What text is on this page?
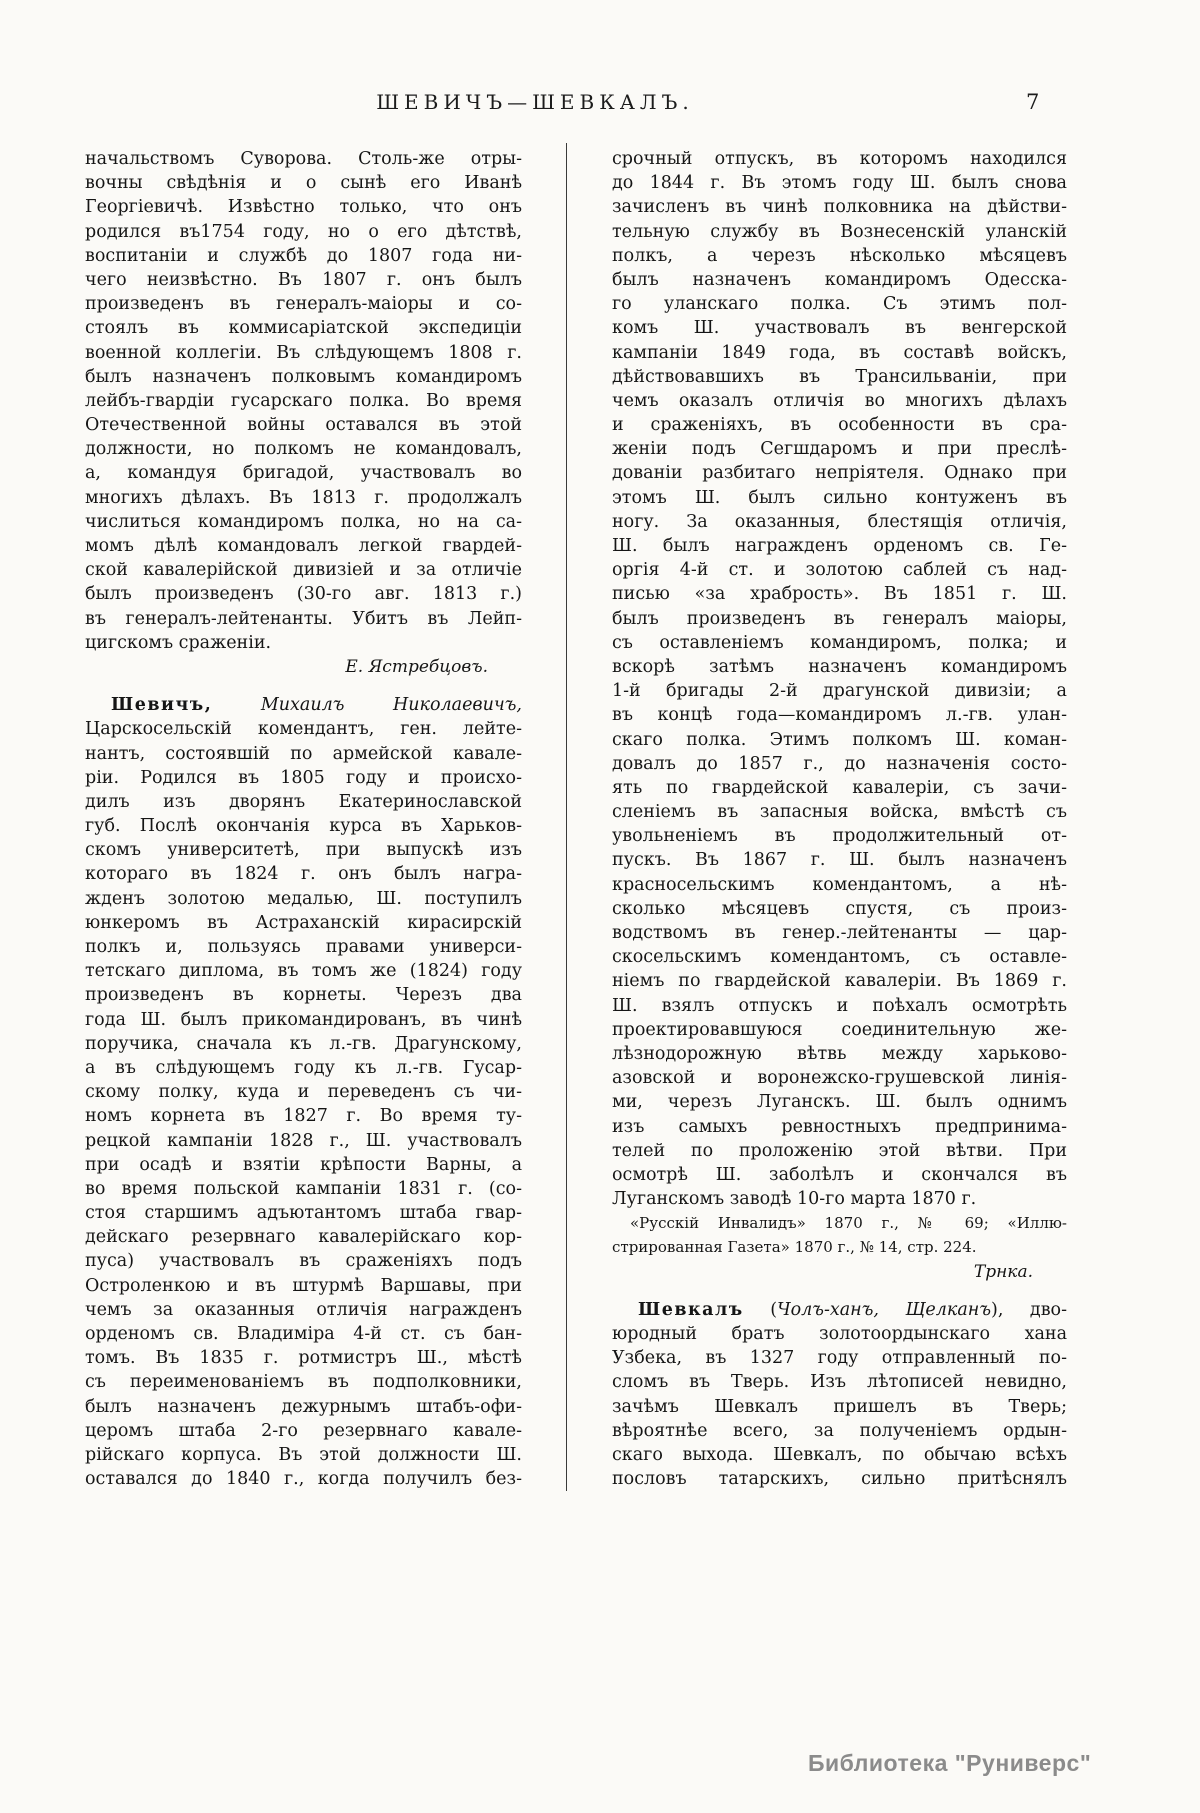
ШЕВИЧЪ—ШЕВКАЛЪ.	7
начальствомъ Суворова. Столь-же отры-
вочны свѣдѣнія и о сынѣ его Иванѣ
Георгіевичѣ. Извѣстно только, что онъ
родился въ1754 году, но о его дѣтствѣ,
воспитаніи и службѣ до 1807 года ни-
чего неизвѣстно. Въ 1807 г. онъ былъ
произведенъ въ генералъ-маіоры и со-
стоялъ въ коммисаріатской экспедиціи
военной коллегіи. Въ слѣдующемъ 1808 г.
былъ назначенъ полковымъ командиромъ
лейбъ-гвардіи гусарскаго полка. Во время
Отечественной войны оставался въ этой
должности, но полкомъ не командовалъ,
а, командуя бригадой, участвовалъ во
многихъ дѣлахъ. Въ 1813 г. продолжалъ
числиться командиромъ полка, но на са-
момъ дѣлѣ командовалъ легкой гвардей-
ской кавалерійской дивизіей и за отличіе
былъ произведенъ (30-го авг. 1813 г.)
въ генералъ-лейтенанты. Убитъ въ Лейп-
цигскомъ сраженіи.
Е. Ястребцовъ.
Шевичъ,	Михаилъ Николаевичъ,
Царскосельскій комендантъ, ген. лейте-
нантъ, состоявшій по армейской кавале-
ріи. Родился въ 1805 году и происхо-
дилъ изъ дворянъ Екатеринославской
губ. Послѣ окончанія курса въ Харьков-
скомъ университетѣ, при выпускѣ изъ
котораго въ 1824 г. онъ былъ награ-
жденъ золотою медалью, Ш. поступилъ
юнкеромъ въ Астраханскій кирасирскій
полкъ и, пользуясь правами универси-
тетскаго диплома, въ томъ же (1824) году
произведенъ въ корнеты. Черезъ два
года Ш. былъ прикомандированъ, въ чинѣ
поручика, сначала къ л.-гв. Драгунскому,
а въ слѣдующемъ году къ л.-гв. Гусар-
скому полку, куда и переведенъ съ чи-
номъ корнета въ 1827 г. Во время ту-
рецкой кампаніи 1828 г., Ш. участвовалъ
при осадѣ и взятіи крѣпости Варны, а
во время польской кампаніи 1831 г. (со-
стоя старшимъ адъютантомъ штаба гвар-
дейскаго резервнаго кавалерійскаго кор-
пуса) участвовалъ въ сраженіяхъ подъ
Остроленкою и въ штурмѣ Варшавы, при
чемъ за оказанныя отличія награжденъ
орденомъ св. Владиміра 4-й ст. съ бан-
томъ. Въ 1835 г. ротмистръ Ш., мѣстѣ
съ переименованіемъ въ подполковники,
былъ назначенъ дежурнымъ штабъ-офи-
церомъ штаба 2-го резервнаго кавале-
рійскаго корпуса. Въ этой должности Ш.
оставался до 1840 г., когда получилъ без-
срочный отпускъ, въ которомъ находился
до 1844 г. Въ этомъ году Ш. былъ снова
зачисленъ въ чинѣ полковника на дѣйстви-
тельную службу въ Вознесенскій уланскій
полкъ, а черезъ нѣсколько мѣсяцевъ
былъ назначенъ командиромъ Одесска-
го уланскаго полка. Съ этимъ пол-
комъ Ш. участвовалъ въ венгерской
кампаніи 1849 года, въ составѣ войскъ,
дѣйствовавшихъ въ Трансильваніи, при
чемъ оказалъ отличія во многихъ дѣлахъ
и сраженіяхъ, въ особенности въ сра-
женіи подъ Сегшдаромъ и при преслѣ-
дованіи разбитаго непріятеля. Однако при
этомъ Ш. былъ сильно контуженъ въ
ногу. За оказанныя, блестящія отличія,
Ш. былъ награжденъ орденомъ св. Ге-
оргія 4-й ст. и золотою саблей съ над-
писью «за храбрость». Въ 1851 г. Ш.
былъ произведенъ въ генералъ маіоры,
съ оставленіемъ командиромъ, полка; и
вскорѣ затѣмъ назначенъ командиромъ
1-й бригады 2-й драгунской дивизіи; а
въ концѣ года—командиромъ л.-гв. улан-
скаго полка. Этимъ полкомъ Ш. коман-
довалъ до 1857 г., до назначенія состо-
ять по гвардейской кавалеріи, съ зачи-
сленіемъ въ запасныя войска, вмѣстѣ съ
увольненіемъ въ продолжительный от-
пускъ. Въ 1867 г. Ш. былъ назначенъ
красносельскимъ комендантомъ, а нѣ-
сколько мѣсяцевъ спустя, съ произ-
водствомъ въ генер.-лейтенанты — цар-
скосельскимъ комендантомъ, съ оставле-
ніемъ по гвардейской кавалеріи. Въ 1869 г.
Ш. взялъ отпускъ и поѣхалъ осмотрѣть
проектировавшуюся соединительную же-
лѣзнодорожную вѣтвь между харьково-
азовской и воронежско-грушевской линія-
ми, черезъ Луганскъ. Ш. былъ однимъ
изъ самыхъ ревностныхъ предпринима-
телей по проложенію этой вѣтви. При
осмотрѣ Ш. заболѣлъ и скончался въ
Луганскомъ заводѣ 10-го марта 1870 г.
«Русскій Инвалидъ» 1870 г., № 69; «Иллю-
стрированная Газета» 1870 г., № 14, стр. 224.
Трнка.
Шевкалъ (Чолъ-ханъ, Щелканъ), дво-
юродный братъ золотоордынскаго хана
Узбека, въ 1327 году отправленный по-
сломъ въ Тверь. Изъ лѣтописей невидно,
зачѣмъ Шевкалъ пришелъ въ Тверь;
вѣроятнѣе всего, за полученіемъ ордын-
скаго выхода. Шевкалъ, по обычаю всѣхъ
пословъ татарскихъ, сильно притѣснялъ
Библиотека "Руниверс"
